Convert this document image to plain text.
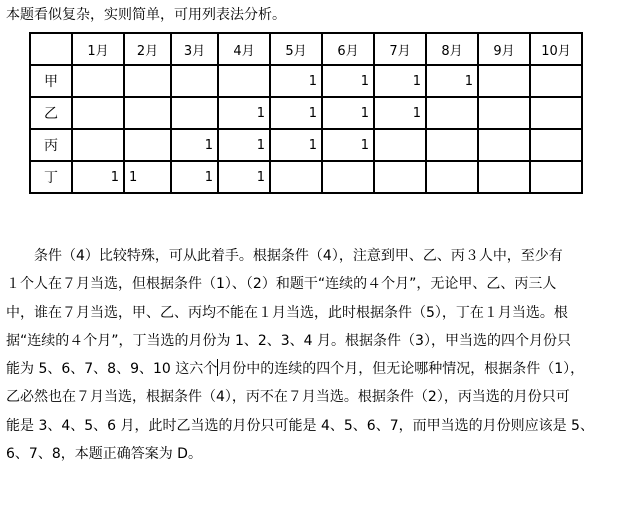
本题看似复杂，实则简单，可用列表法分析。
	1月	2月	3月	4月	5月	6月	7月	8月	9月	10月
甲					1	1	1	1		
乙				1	1	1	1			
丙			1	1	1	1				
丁	1	1	1	1						
条件（4）比较特殊，可从此着手。根据条件（4），注意到甲、乙、丙３人中，至少有
１个人在７月当选，但根据条件（1）、（2）和题干“连续的４个月”，无论甲、乙、丙三人
中，谁在７月当选，甲、乙、丙均不能在１月当选，此时根据条件（5），丁在１月当选。根
据“连续的４个月”，丁当选的月份为 1、2、3、4 月。根据条件（3），甲当选的四个月份只
能为 5、6、7、8、9、10 这六个月份中的连续的四个月，但无论哪种情况，根据条件（1），
乙必然也在７月当选，根据条件（4），丙不在７月当选。根据条件（2），丙当选的月份只可
能是 3、4、5、6 月，此时乙当选的月份只可能是 4、5、6、7，而甲当选的月份则应该是 5、
6、7、8，本题正确答案为 D。
